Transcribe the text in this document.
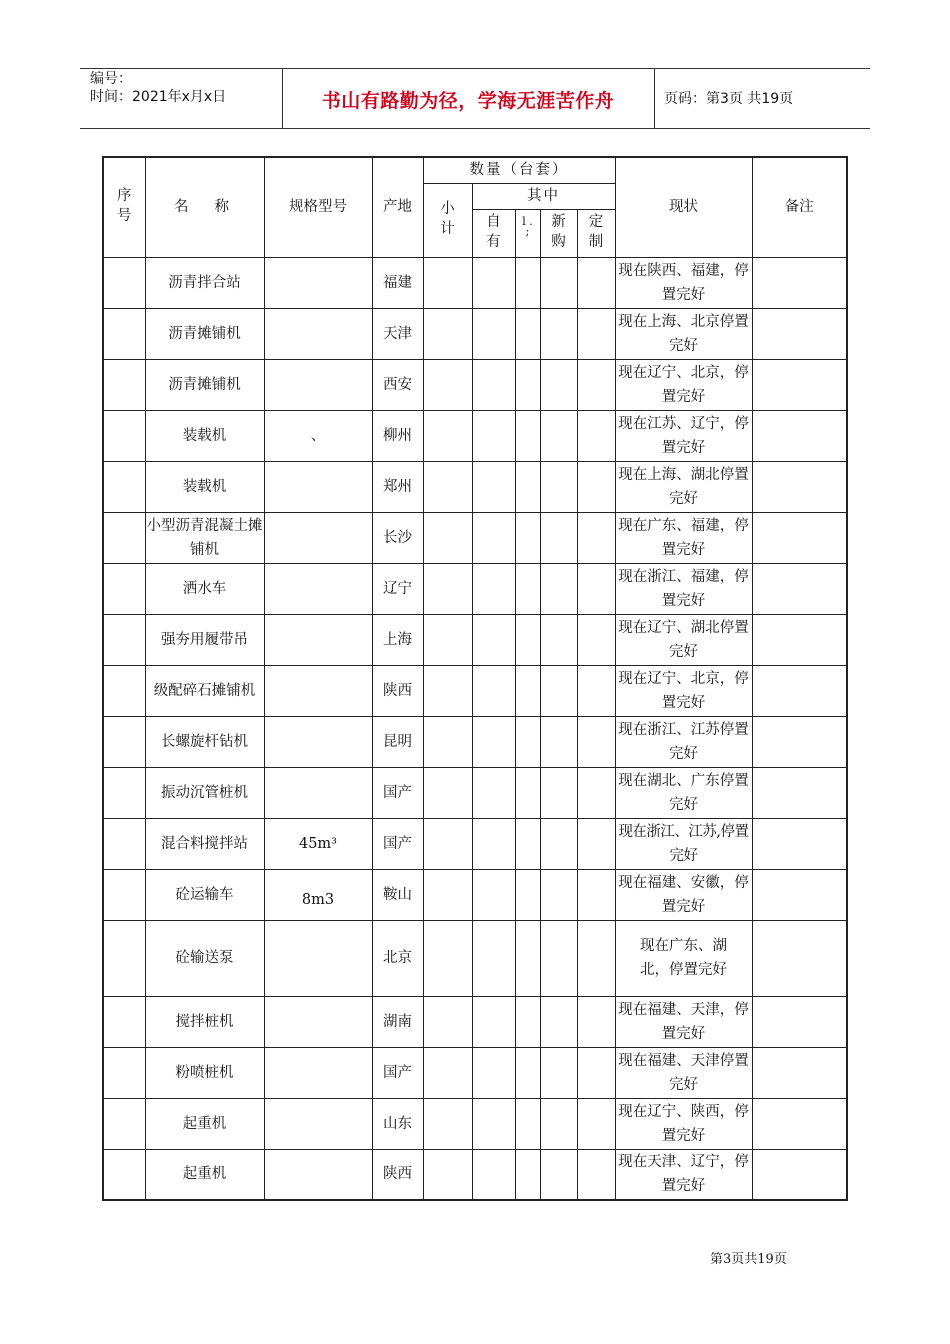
编号：
时间：2021年x月x日	书山有路勤为径，学海无涯苦作舟	页码：第3页 共19页
序号	名称	规格型号	产地	数量（台套）					现状	备注
				小计	其中					
					自有	l . ;	新购	定制		
	沥青拌合站		福建						现在陕西、福建，停置完好	
	沥青摊铺机		天津						现在上海、北京停置完好	
	沥青摊铺机		西安						现在辽宁、北京，停置完好	
	装载机	、	柳州						现在江苏、辽宁，停置完好	
	装载机		郑州						现在上海、湖北停置完好	
	小型沥青混凝土摊铺机		长沙						现在广东、福建，停置完好	
	洒水车		辽宁						现在浙江、福建，停置完好	
	强夯用履带吊		上海						现在辽宁、湖北停置完好	
	级配碎石摊铺机		陕西						现在辽宁、北京，停置完好	
	长螺旋杆钻机		昆明						现在浙江、江苏停置完好	
	振动沉管桩机		国产						现在湖北、广东停置完好	
	混合料搅拌站	45m³	国产						现在浙江、江苏,停置完好	
	砼运输车	8m3	鞍山						现在福建、安徽，停置完好	
	砼输送泵		北京						现在广东、湖北，停置完好	
	搅拌桩机		湖南						现在福建、天津，停置完好	
	粉喷桩机		国产						现在福建、天津停置完好	
	起重机		山东						现在辽宁、陕西，停置完好	
	起重机		陕西						现在天津、辽宁，停置完好	
第3页共19页
